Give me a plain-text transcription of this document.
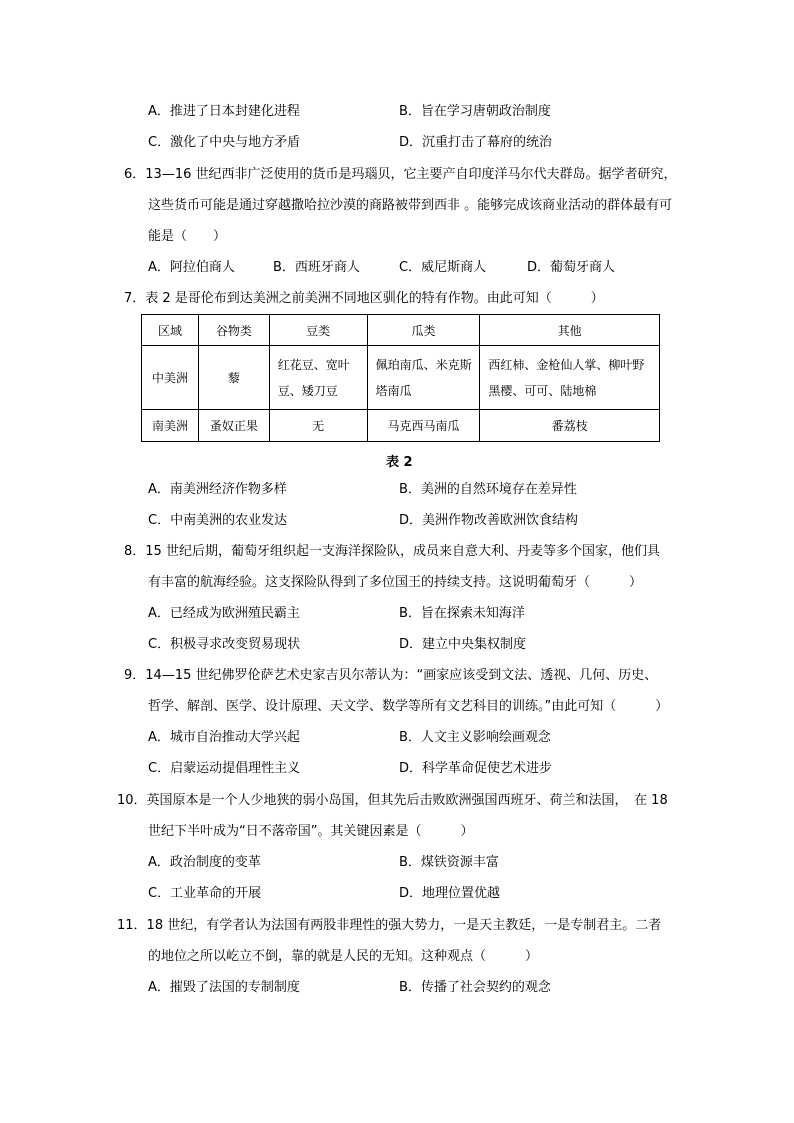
A．推进了日本封建化进程	B．旨在学习唐朝政治制度
C．激化了中央与地方矛盾	D．沉重打击了幕府的统治
6．13—16 世纪西非广泛使用的货币是玛瑙贝，它主要产自印度洋马尔代夫群岛。据学者研究，
这些货币可能是通过穿越撒哈拉沙漠的商路被带到西非 。能够完成该商业活动的群体最有可
能是（　　）
A．阿拉伯商人	B．西班牙商人	C．威尼斯商人	D．葡萄牙商人
7．表 2 是哥伦布到达美洲之前美洲不同地区驯化的特有作物。由此可知（　　　）
区域	谷物类	豆类	瓜类	其他
中美洲	藜	红花豆、宽叶豆、矮刀豆	佩珀南瓜、米克斯塔南瓜	西红柿、金枪仙人掌、柳叶野黑樱、可可、陆地棉
南美洲	蚤奴正果	无	马克西马南瓜	番荔枝
表 2
A．南美洲经济作物多样	B．美洲的自然环境存在差异性
C．中南美洲的农业发达	D．美洲作物改善欧洲饮食结构
8．15 世纪后期，葡萄牙组织起一支海洋探险队，成员来自意大利、丹麦等多个国家，他们具
有丰富的航海经验。这支探险队得到了多位国王的持续支持。这说明葡萄牙（　　　）
A．已经成为欧洲殖民霸主	B．旨在探索未知海洋
C．积极寻求改变贸易现状	D．建立中央集权制度
9．14—15 世纪佛罗伦萨艺术史家吉贝尔蒂认为：“画家应该受到文法、透视、几何、历史、
哲学、解剖、医学、设计原理、天文学、数学等所有文艺科目的训练。”由此可知（　　　）
A．城市自治推动大学兴起	B．人文主义影响绘画观念
C．启蒙运动提倡理性主义	D．科学革命促使艺术进步
10．英国原本是一个人少地狭的弱小岛国，但其先后击败欧洲强国西班牙、荷兰和法国，　在 18
世纪下半叶成为“日不落帝国”。其关键因素是（　　　）
A．政治制度的变革	B．煤铁资源丰富
C．工业革命的开展	D．地理位置优越
11．18 世纪，有学者认为法国有两股非理性的强大势力，一是天主教廷，一是专制君主。二者
的地位之所以屹立不倒，靠的就是人民的无知。这种观点（　　　）
A．摧毁了法国的专制制度	B．传播了社会契约的观念
